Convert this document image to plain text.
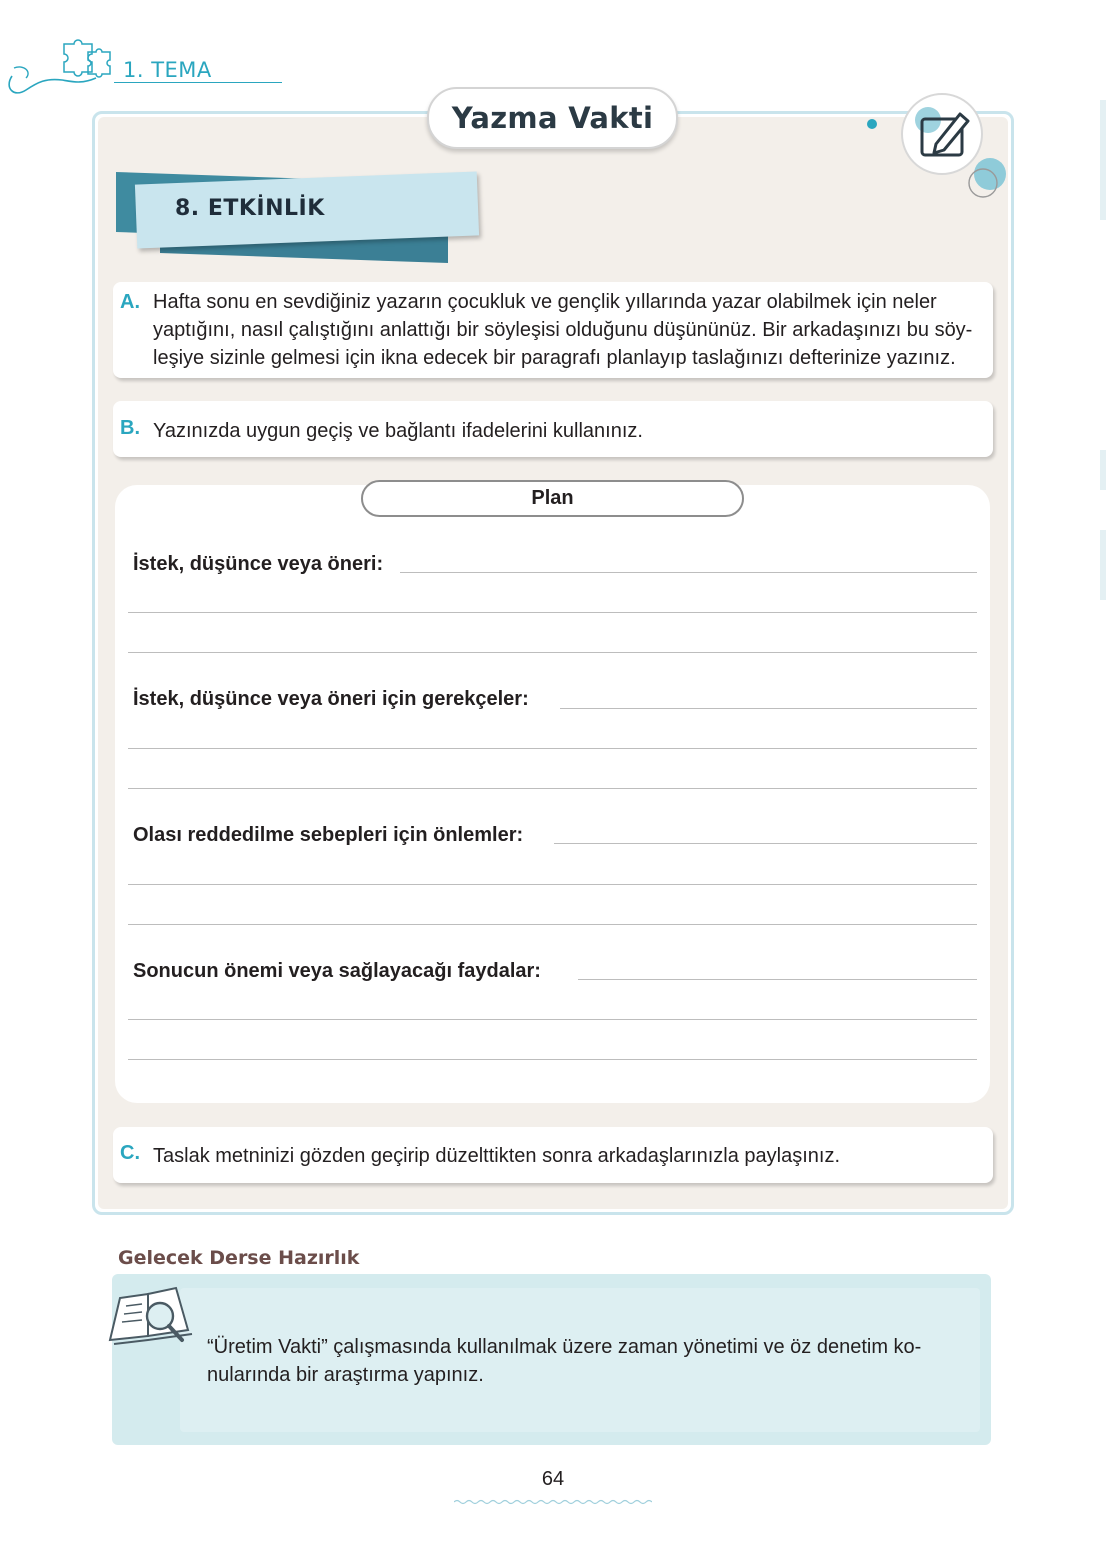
1. TEMA
Yazma Vakti
8. ETKİNLİK
A. Hafta sonu en sevdiğiniz yazarın çocukluk ve gençlik yıllarında yazar olabilmek için neler
yaptığını, nasıl çalıştığını anlattığı bir söyleşisi olduğunu düşününüz. Bir arkadaşınızı bu söy-
leşiye sizinle gelmesi için ikna edecek bir paragrafı planlayıp taslağınızı defterinize yazınız.
B. Yazınızda uygun geçiş ve bağlantı ifadelerini kullanınız.
Plan
İstek, düşünce veya öneri:
İstek, düşünce veya öneri için gerekçeler:
Olası reddedilme sebepleri için önlemler:
Sonucun önemi veya sağlayacağı faydalar:
C. Taslak metninizi gözden geçirip düzelttikten sonra arkadaşlarınızla paylaşınız.
Gelecek Derse Hazırlık
“Üretim Vakti” çalışmasında kullanılmak üzere zaman yönetimi ve öz denetim ko-
nularında bir araştırma yapınız.
64
